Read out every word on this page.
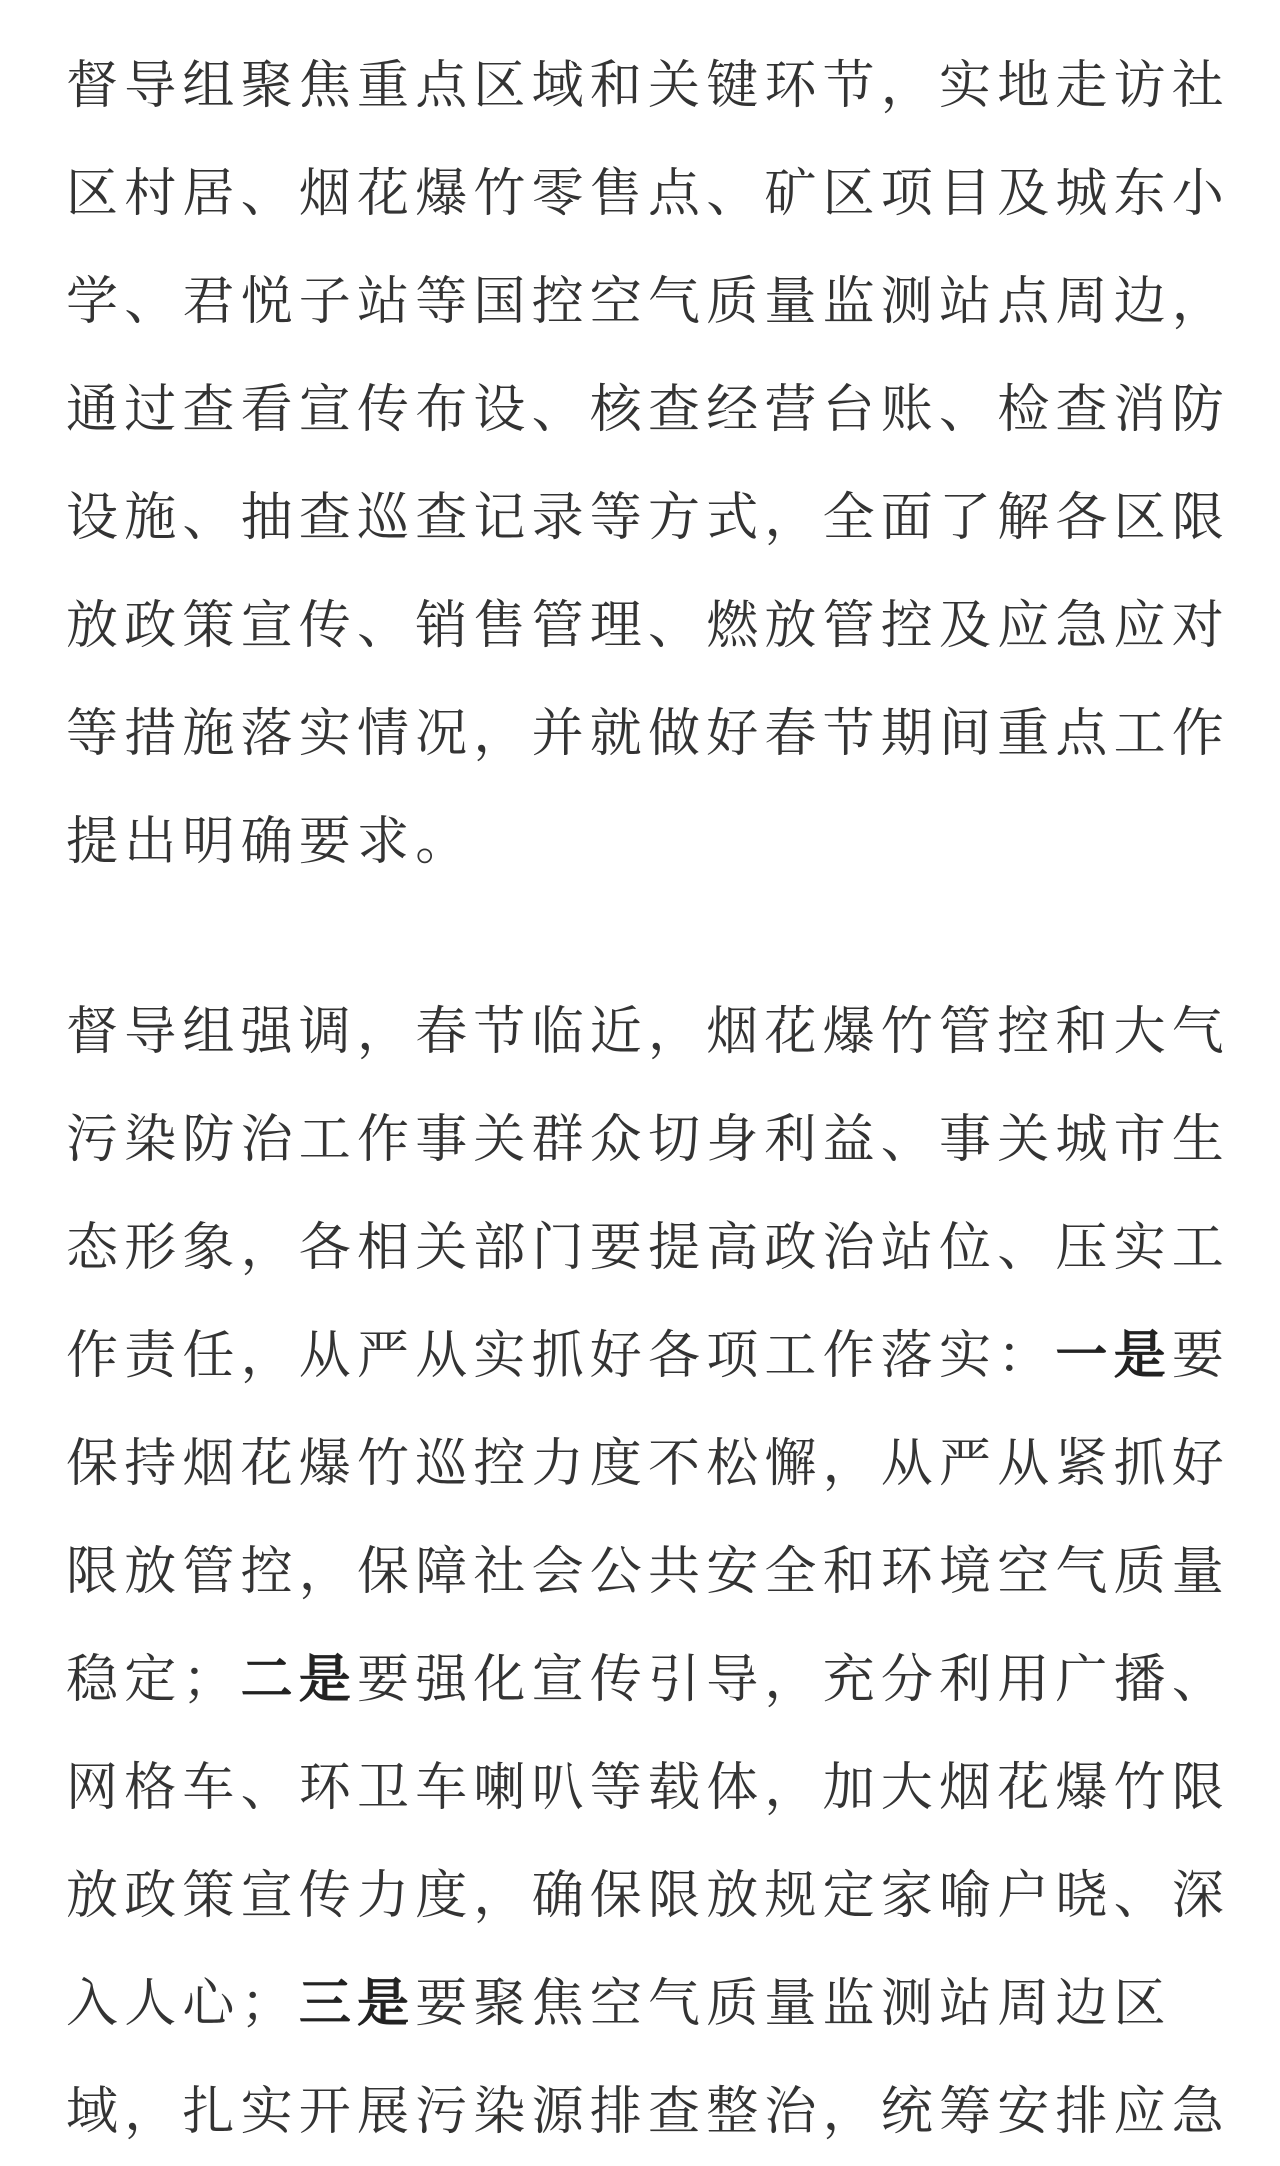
督导组聚焦重点区域和关键环节，实地走访社
区村居、烟花爆竹零售点、矿区项目及城东小
学、君悦子站等国控空气质量监测站点周边，
通过查看宣传布设、核查经营台账、检查消防
设施、抽查巡查记录等方式，全面了解各区限
放政策宣传、销售管理、燃放管控及应急应对
等措施落实情况，并就做好春节期间重点工作
提出明确要求。

督导组强调，春节临近，烟花爆竹管控和大气
污染防治工作事关群众切身利益、事关城市生
态形象，各相关部门要提高政治站位、压实工
作责任，从严从实抓好各项工作落实：一是要
保持烟花爆竹巡控力度不松懈，从严从紧抓好
限放管控，保障社会公共安全和环境空气质量
稳定；二是要强化宣传引导，充分利用广播、
网格车、环卫车喇叭等载体，加大烟花爆竹限
放政策宣传力度，确保限放规定家喻户晓、深
入人心；三是要聚焦空气质量监测站周边区
域，扎实开展污染源排查整治，统筹安排应急
